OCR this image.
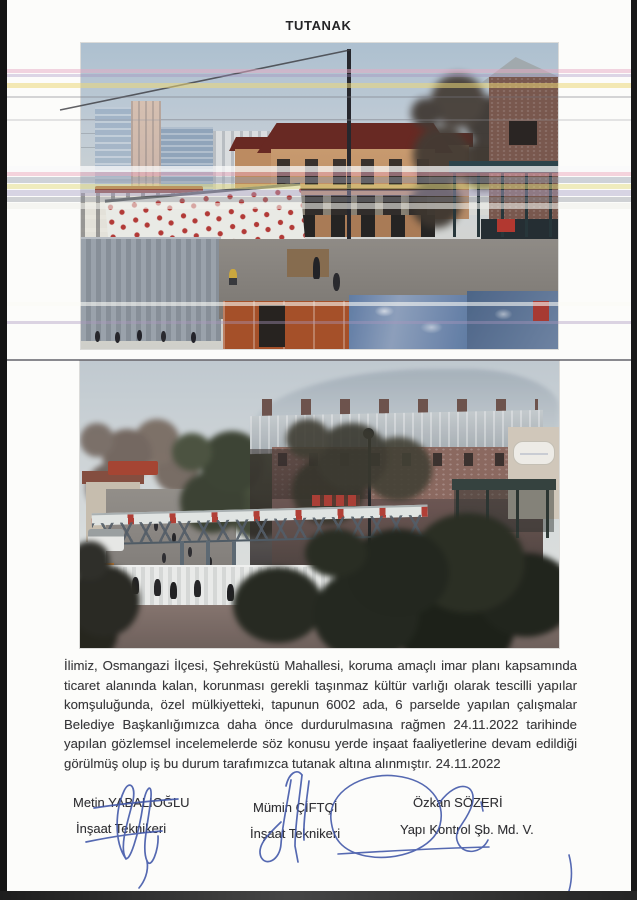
TUTANAK
İlimiz, Osmangazi İlçesi, Şehreküstü Mahallesi, koruma amaçlı imar planı kapsamında ticaret alanında kalan, korunması gerekli taşınmaz kültür varlığı olarak tescilli yapılar komşuluğunda, özel mülkiyetteki, tapunun 6002 ada, 6 parselde yapılan çalışmalar Belediye Başkanlığımızca daha önce durdurulmasına rağmen 24.11.2022 tarihinde yapılan gözlemsel incelemelerde söz konusu yerde inşaat faaliyetlerine devam edildiği görülmüş olup iş bu durum tarafımızca tutanak altına alınmıştır. 24.11.2022
Metin YABALIOĞLU
İnşaat Teknikeri
Mümin ÇİFTÇİ
İnşaat Teknikeri
Özkan SÖZERİ
Yapı Kontrol Şb. Md. V.
